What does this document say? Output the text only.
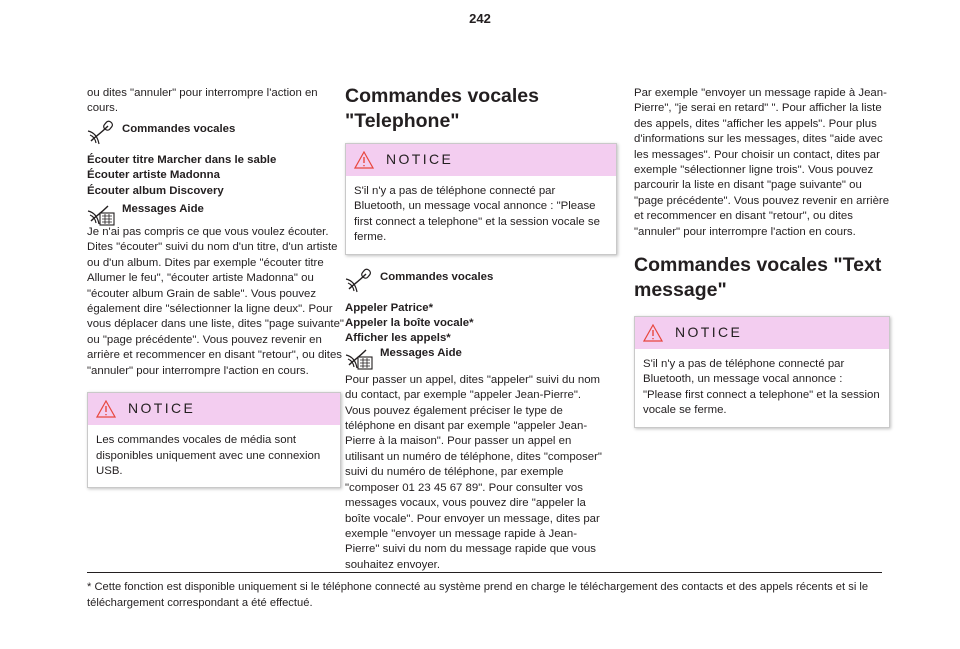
242

ou dites "annuler" pour interrompre l'action en cours.

Commandes vocales

Écouter titre Marcher dans le sable

Écouter artiste Madonna

Écouter album Discovery

Messages Aide

Je n'ai pas compris ce que vous voulez écouter. Dites "écouter" suivi du nom d'un titre, d'un artiste ou d'un album. Dites par exemple "écouter titre Allumer le feu", "écouter artiste Madonna" ou "écouter album Grain de sable". Vous pouvez également dire "sélectionner la ligne deux". Pour vous déplacer dans une liste, dites "page suivante" ou "page précédente". Vous pouvez revenir en arrière et recommencer en disant "retour", ou dites "annuler" pour interrompre l'action en cours.

NOTICE
Les commandes vocales de média sont disponibles uniquement avec une connexion USB.
Commandes vocales "Telephone"
NOTICE
S'il n'y a pas de téléphone connecté par Bluetooth, un message vocal annonce : "Please first connect a telephone" et la session vocale se ferme.
Commandes vocales

Appeler Patrice*

Appeler la boîte vocale*

Afficher les appels*

Messages Aide

Pour passer un appel, dites "appeler" suivi du nom du contact, par exemple "appeler Jean-Pierre". Vous pouvez également préciser le type de téléphone en disant par exemple "appeler Jean-Pierre à la maison". Pour passer un appel en utilisant un numéro de téléphone, dites "composer" suivi du numéro de téléphone, par exemple "composer 01 23 45 67 89". Pour consulter vos messages vocaux, vous pouvez dire "appeler la boîte vocale". Pour envoyer un message, dites par exemple "envoyer un message rapide à Jean-Pierre" suivi du nom du message rapide que vous souhaitez envoyer.

Par exemple "envoyer un message rapide à Jean-Pierre", "je serai en retard" ". Pour afficher la liste des appels, dites "afficher les appels". Pour plus d'informations sur les messages, dites "aide avec les messages". Pour choisir un contact, dites par exemple "sélectionner ligne trois". Vous pouvez parcourir la liste en disant "page suivante" ou "page précédente". Vous pouvez revenir en arrière et recommencer en disant "retour", ou dites "annuler" pour interrompre l'action en cours.

Commandes vocales "Text message"
NOTICE
S'il n'y a pas de téléphone connecté par Bluetooth, un message vocal annonce : "Please first connect a telephone" et la session vocale se ferme.

* Cette fonction est disponible uniquement si le téléphone connecté au système prend en charge le téléchargement des contacts et des appels récents et si le téléchargement correspondant a été effectué.
